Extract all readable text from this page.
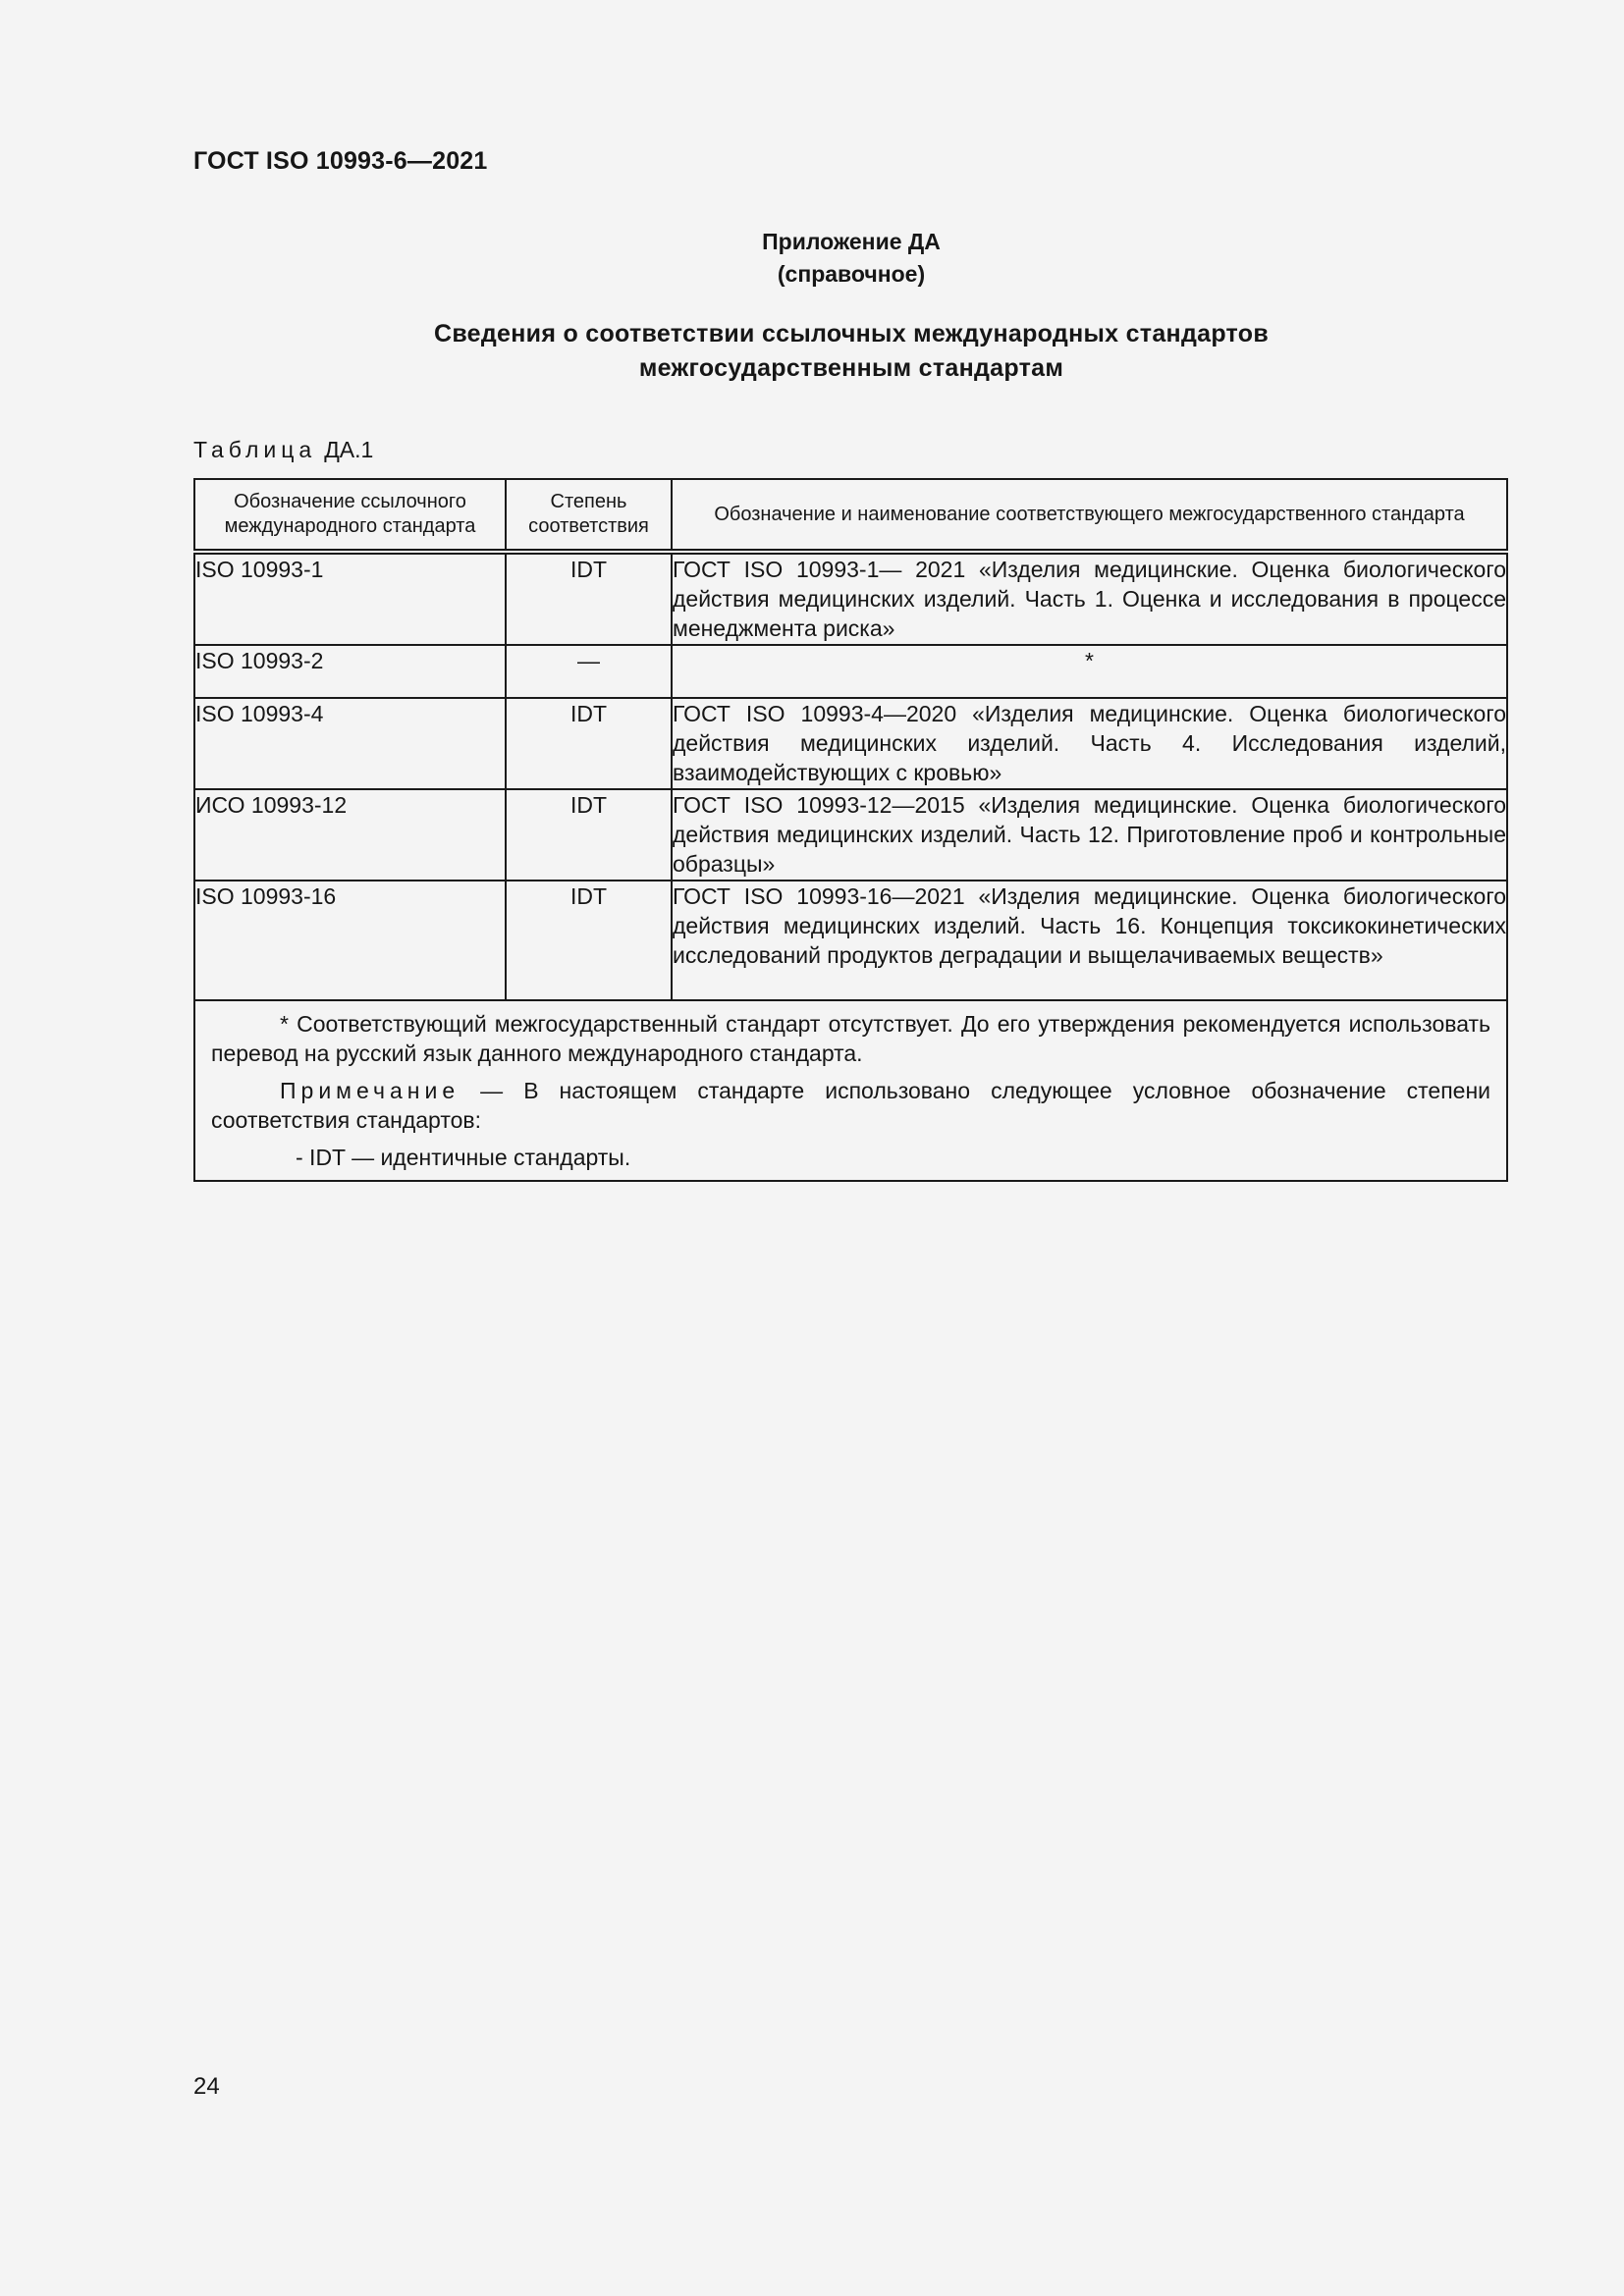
ГОСТ ISO 10993-6—2021
Приложение ДА
(справочное)
Сведения о соответствии ссылочных международных стандартов
межгосударственным стандартам
Таблица ДА.1
Обозначение ссылочного международного стандарта	Степень соответствия	Обозначение и наименование соответствующего межгосударственного стандарта
ISO 10993-1	IDT	ГОСТ ISO 10993-1— 2021 «Изделия медицинские. Оценка биологического действия медицинских изделий. Часть 1. Оценка и исследования в процессе менеджмента риска»
ISO 10993-2	—	*
ISO 10993-4	IDT	ГОСТ ISO 10993-4—2020 «Изделия медицинские. Оценка биологического действия медицинских изделий. Часть 4. Исследования изделий, взаимодействующих с кровью»
ИСО 10993-12	IDT	ГОСТ ISO 10993-12—2015 «Изделия медицинские. Оценка биологического действия медицинских изделий. Часть 12. Приготовление проб и контрольные образцы»
ISO 10993-16	IDT	ГОСТ ISO 10993-16—2021 «Изделия медицинские. Оценка биологического действия медицинских изделий. Часть 16. Концепция токсикокинетических исследований продуктов деградации и выщелачиваемых веществ»

* Соответствующий межгосударственный стандарт отсутствует. До его утверждения рекомендуется использовать перевод на русский язык данного международного стандарта.

Примечание — В настоящем стандарте использовано следующее условное обозначение степени соответствия стандартов:

- IDT — идентичные стандарты.		

24
